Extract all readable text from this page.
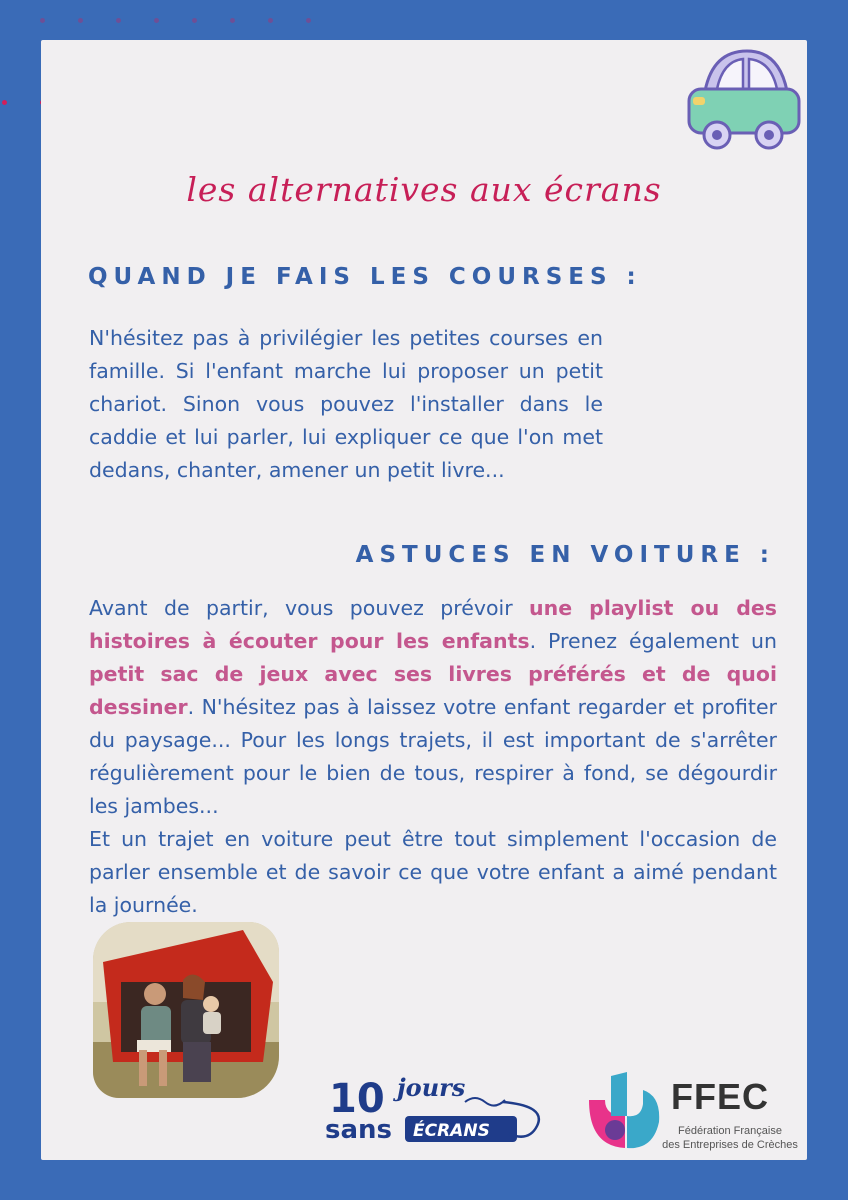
les alternatives aux écrans
QUAND JE FAIS LES COURSES :

N'hésitez pas à privilégier les petites courses en famille. Si l'enfant marche lui proposer un petit chariot. Sinon vous pouvez l'installer dans le caddie et lui parler, lui expliquer ce que l'on met dedans, chanter, amener un petit livre...

ASTUCES EN VOITURE :

Avant de partir, vous pouvez prévoir une playlist ou des histoires à écouter pour les enfants. Prenez également un petit sac de jeux avec ses livres préférés et de quoi dessiner. N'hésitez pas à laissez votre enfant regarder et profiter du paysage... Pour les longs trajets, il est important de s'arrêter régulièrement pour le bien de tous, respirer à fond, se dégourdir les jambes...
Et un trajet en voiture peut être tout simplement l'occasion de parler ensemble et de savoir ce que votre enfant a aimé pendant la journée.

10 jours
sans ÉCRANS

FFEC

Fédération Française
des Entreprises de Crèches
